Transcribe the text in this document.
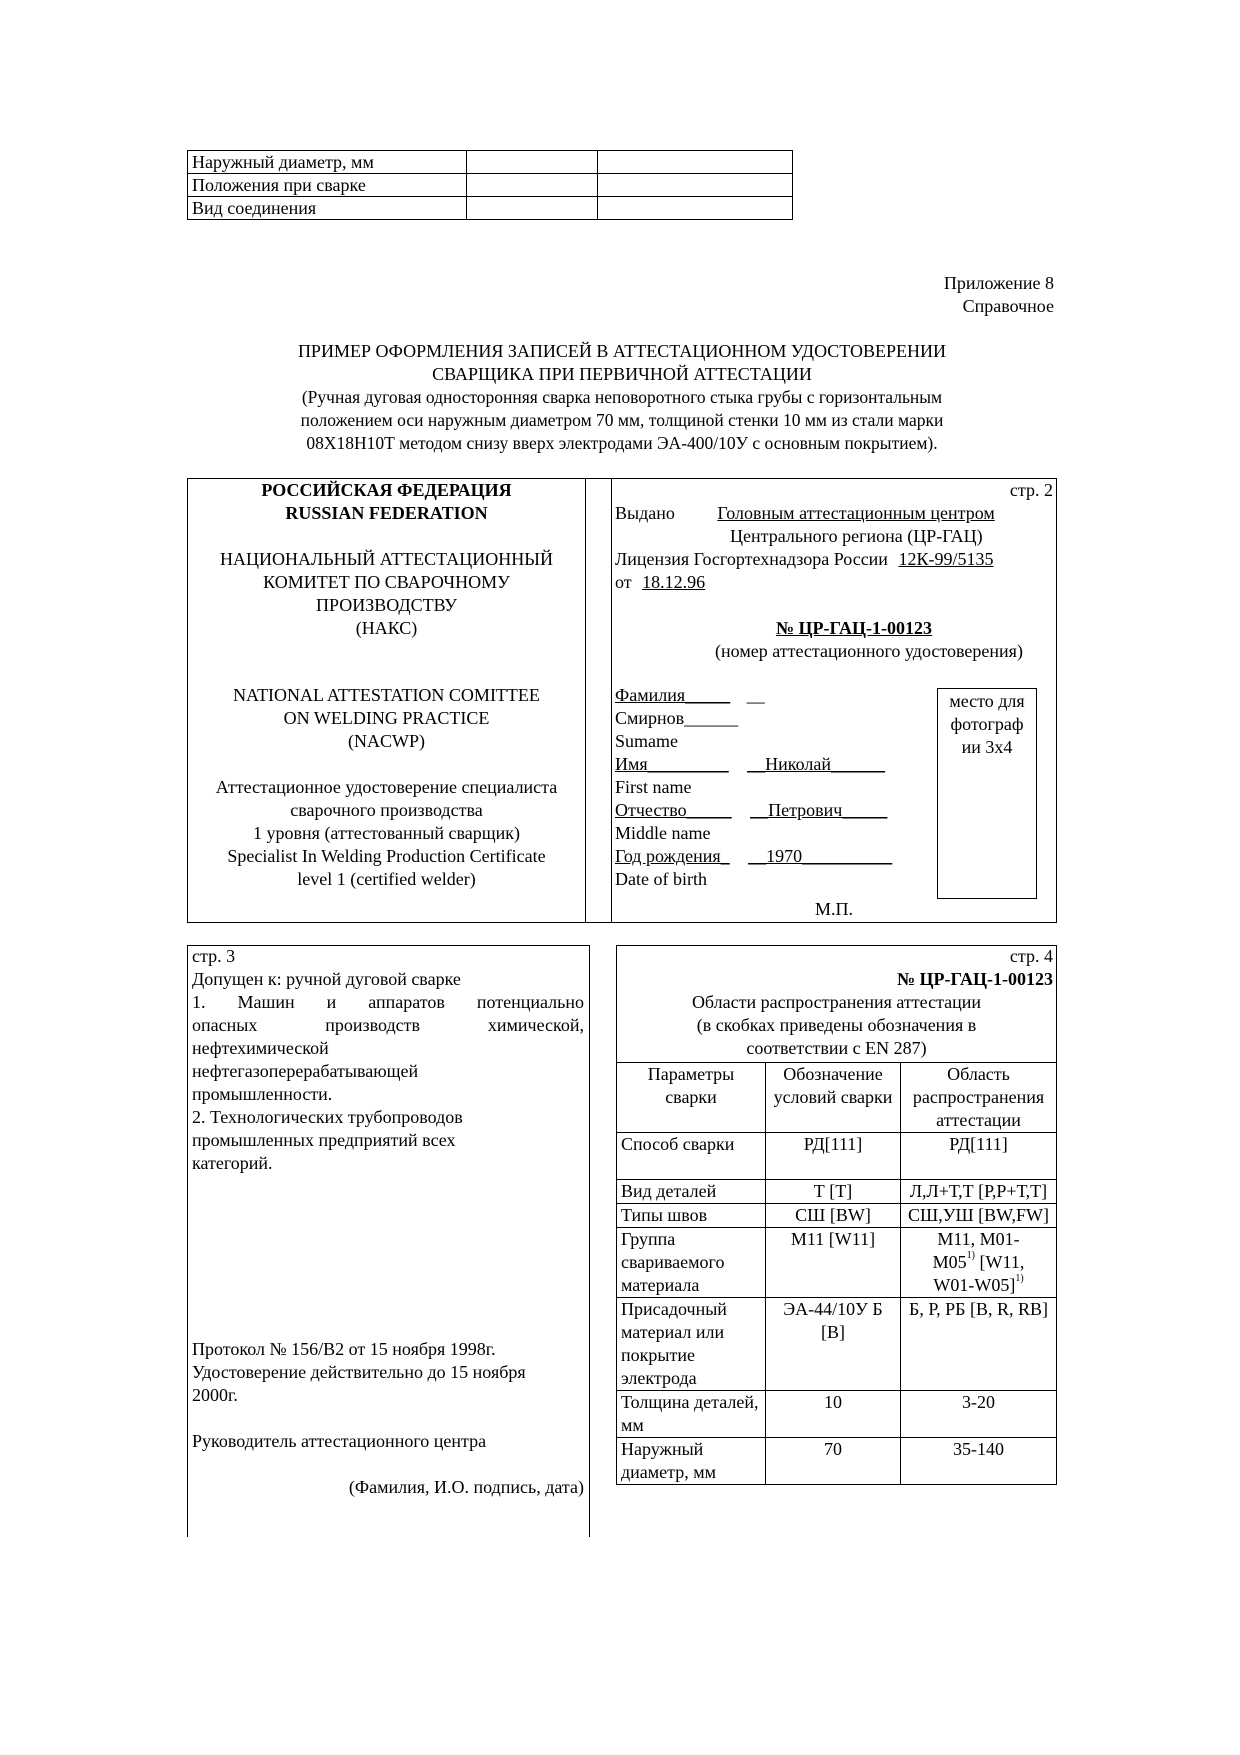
Наружный диаметр, мм		
Положения при сварке		
Вид соединения		
Приложение 8
Справочное
ПРИМЕР ОФОРМЛЕНИЯ ЗАПИСЕЙ В АТТЕСТАЦИОННОМ УДОСТОВЕРЕНИИ
СВАРЩИКА ПРИ ПЕРВИЧНОЙ АТТЕСТАЦИИ
(Ручная дуговая односторонняя сварка неповоротного стыка грубы с горизонтальным
положением оси наружным диаметром 70 мм, толщиной стенки 10 мм из стали марки
08Х18Н10Т методом снизу вверх электродами ЭА-400/10У с основным покрытием).
РОССИЙСКАЯ ФЕДЕРАЦИЯ
RUSSIAN FEDERATION
НАЦИОНАЛЬНЫЙ АТТЕСТАЦИОННЫЙ
КОМИТЕТ ПО СВАРОЧНОМУ
ПРОИЗВОДСТВУ
(НАКС)
NATIONAL ATTESTATION COMITTEE
ON WELDING PRACTICE
(NACWP)
Аттестационное удостоверение специалиста
сварочного производства
1 уровня (аттестованный сварщик)
Specialist In Welding Production Certificate
level 1 (certified welder)
стр. 2
Выдано Головным аттестационным центром
Центрального региона (ЦР-ГАЦ)
Лицензия Госгортехнадзора России 12К-99/5135
от 18.12.96
№ ЦР-ГАЦ-1-00123
(номер аттестационного удостоверения)
Фамилия_____ __
Смирнов______
Sumame
Имя_________ __Николай______
First name
Отчество_____ __Петрович_____
Middle name
Год рождения_ __1970__________
Date of birth
М.П.
место для
фотограф
ии 3х4
стр. 3
Допущен к: ручной дуговой сварке
1. Машин и аппаратов потенциально
опасных производств химической,
нефтехимической
нефтегазоперерабатывающей
промышленности.
2. Технологических трубопроводов
промышленных предприятий всех
категорий.
Протокол № 156/В2 от 15 ноября 1998г.
Удостоверение действительно до 15 ноября
2000г.
Руководитель аттестационного центра
(Фамилия, И.О. подпись, дата)
стр. 4
№ ЦР-ГАЦ-1-00123
Области распространения аттестации
(в скобках приведены обозначения в
соответствии с EN 287)
Параметры сварки	Обозначение условий сварки	Область распространения аттестации
Способ сварки	РД[111]	РД[111]
Вид деталей	Т [Т]	Л,Л+Т,Т [Р,Р+Т,Т]
Типы швов	СШ [BW]	СШ,УШ [BW,FW]
Группа свариваемого материала	М11 [W11]	М11, М01-
М05$^{1)}$ [W11,
W01-W05]$^{1)}$
Присадочный материал или покрытие электрода	ЭА-44/10У Б [В]	Б, Р, РБ [В, R, RB]
Толщина деталей, мм	10	3-20
Наружный диаметр, мм	70	35-140
